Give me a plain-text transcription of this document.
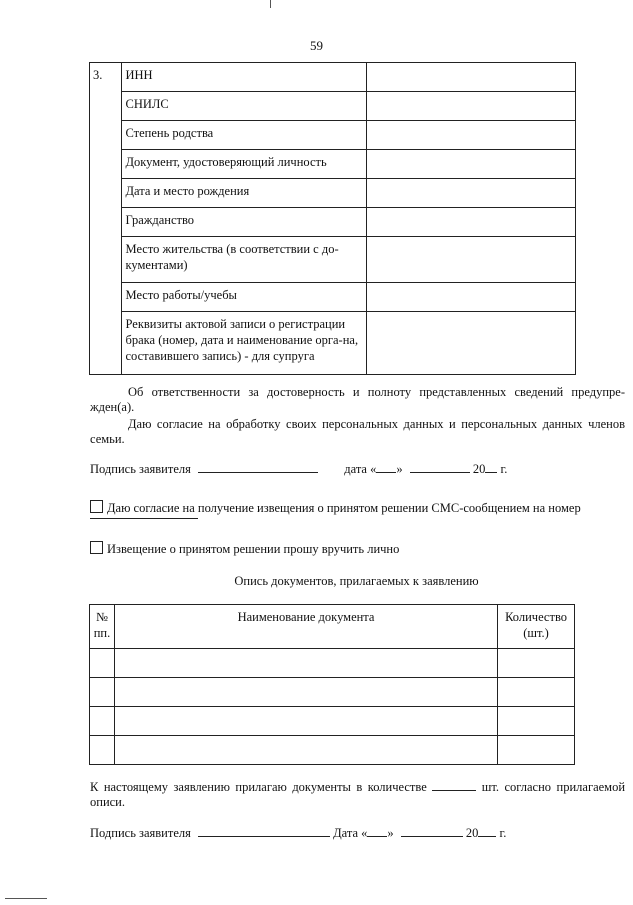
59
3.	ИНН	
	СНИЛС	
	Степень родства	
	Документ, удостоверяющий личность	
	Дата и место рождения	
	Гражданство	
	Место жительства (в соответствии с до-кументами)	
	Место работы/учебы	
	Реквизиты актовой записи о регистрации брака (номер, дата и наименование орга-на, составившего запись) - для супруга	
Об ответственности за достоверность и полноту представленных сведений предупре-жден(а).
Даю согласие на обработку своих персональных данных и персональных данных членов семьи.
Подпись заявителя	дата « »	20 г.
Даю согласие на получение извещения о принятом решении СМС-сообщением на номер
Извещение о принятом решении прошу вручить лично
Опись документов, прилагаемых к заявлению
№ пп.	Наименование документа	Количество (шт.)

К настоящему заявлению прилагаю документы в количестве	шт. согласно прилагаемой описи.
Подпись заявителя	Дата « »	20 г.
